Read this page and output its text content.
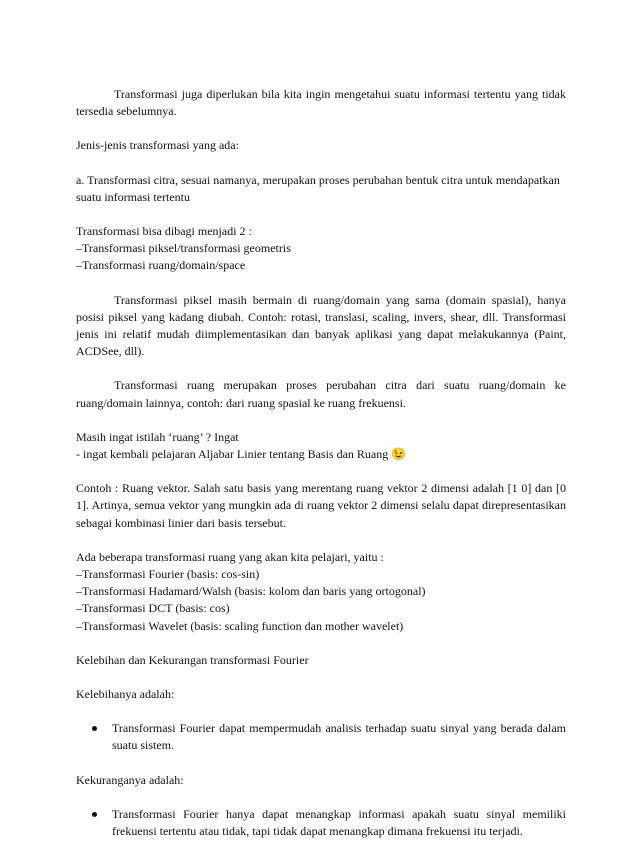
Transformasi juga diperlukan bila kita ingin mengetahui suatu informasi tertentu yang tidak tersedia sebelumnya.

Jenis-jenis transformasi yang ada:

a. Transformasi citra, sesuai namanya, merupakan proses perubahan bentuk citra untuk mendapatkan suatu informasi tertentu

Transformasi bisa dibagi menjadi 2 :
–Transformasi piksel/transformasi geometris
–Transformasi ruang/domain/space

Transformasi piksel masih bermain di ruang/domain yang sama (domain spasial), hanya posisi piksel yang kadang diubah. Contoh: rotasi, translasi, scaling, invers, shear, dll. Transformasi jenis ini relatif mudah diimplementasikan dan banyak aplikasi yang dapat melakukannya (Paint, ACDSee, dll).

Transformasi ruang merupakan proses perubahan citra dari suatu ruang/domain ke ruang/domain lainnya, contoh: dari ruang spasial ke ruang frekuensi.

Masih ingat istilah ‘ruang’ ? Ingat
- ingat kembali pelajaran Aljabar Linier tentang Basis dan Ruang 😉

Contoh : Ruang vektor. Salah satu basis yang merentang ruang vektor 2 dimensi adalah [1 0] dan [0 1]. Artinya, semua vektor yang mungkin ada di ruang vektor 2 dimensi selalu dapat direpresentasikan sebagai kombinasi linier dari basis tersebut.

Ada beberapa transformasi ruang yang akan kita pelajari, yaitu :
–Transformasi Fourier (basis: cos-sin)
–Transformasi Hadamard/Walsh (basis: kolom dan baris yang ortogonal)
–Transformasi DCT (basis: cos)
–Transformasi Wavelet (basis: scaling function dan mother wavelet)

Kelebihan dan Kekurangan transformasi Fourier

Kelebihanya adalah:

Transformasi Fourier dapat mempermudah analisis terhadap suatu sinyal yang berada dalam suatu sistem.

Kekuranganya adalah:

Transformasi Fourier hanya dapat menangkap informasi apakah suatu sinyal memiliki frekuensi tertentu atau tidak, tapi tidak dapat menangkap dimana frekuensi itu terjadi.
